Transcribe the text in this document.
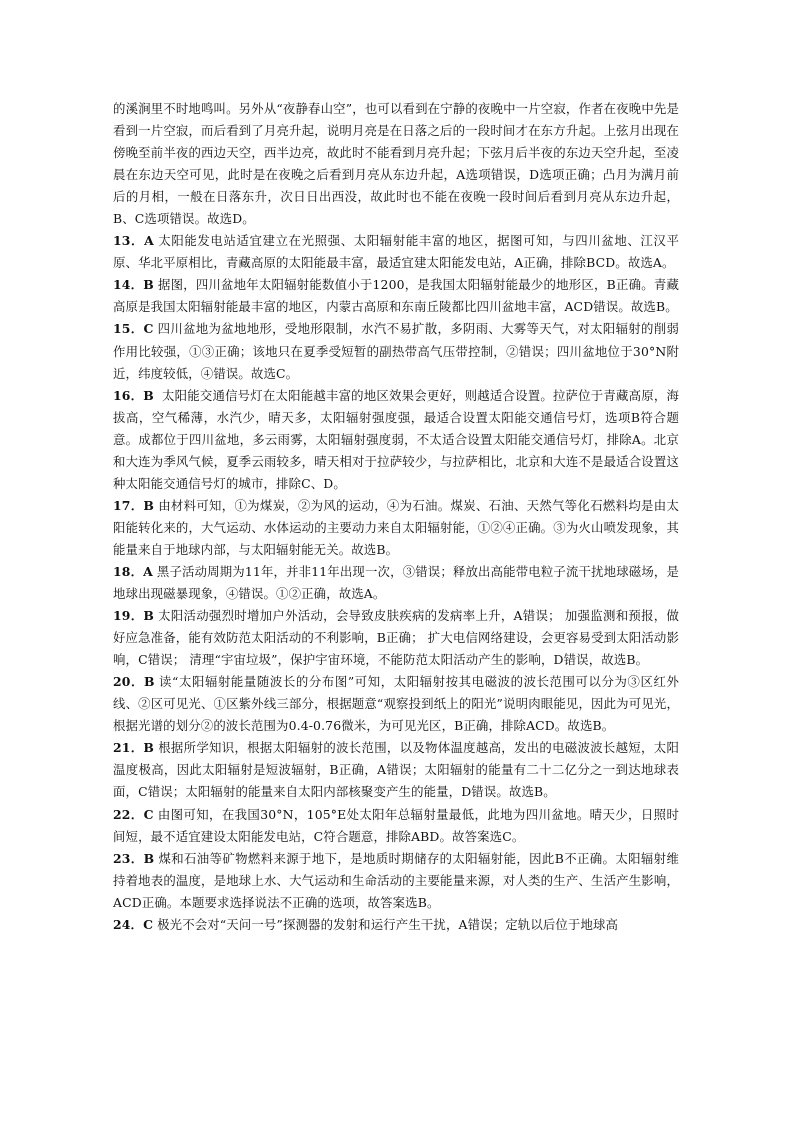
的溪涧里不时地鸣叫。另外从“夜静春山空”，也可以看到在宁静的夜晚中一片空寂，作者在夜晚中先是看到一片空寂，而后看到了月亮升起，说明月亮是在日落之后的一段时间才在东方升起。上弦月出现在傍晚至前半夜的西边天空，西半边亮，故此时不能看到月亮升起；下弦月后半夜的东边天空升起，至凌晨在东边天空可见，此时是在夜晚之后看到月亮从东边升起，A选项错误，D选项正确；凸月为满月前后的月相，一般在日落东升，次日日出西没，故此时也不能在夜晚一段时间后看到月亮从东边升起， B、C选项错误。故选D。

13．A 太阳能发电站适宜建立在光照强、太阳辐射能丰富的地区，据图可知，与四川盆地、江汉平原、华北平原相比，青藏高原的太阳能最丰富，最适宜建太阳能发电站，A正确，排除BCD。故选A。

14．B 据图，四川盆地年太阳辐射能数值小于1200，是我国太阳辐射能最少的地形区，B正确。青藏高原是我国太阳辐射能最丰富的地区，内蒙古高原和东南丘陵都比四川盆地丰富，ACD错误。故选B。

15．C 四川盆地为盆地地形，受地形限制，水汽不易扩散，多阴雨、大雾等天气，对太阳辐射的削弱作用比较强，①③正确；该地只在夏季受短暂的副热带高气压带控制，②错误；四川盆地位于30°N附近，纬度较低，④错误。故选C。

16．B 太阳能交通信号灯在太阳能越丰富的地区效果会更好，则越适合设置。拉萨位于青藏高原，海拔高，空气稀薄，水汽少，晴天多，太阳辐射强度强，最适合设置太阳能交通信号灯，选项B符合题意。成都位于四川盆地，多云雨雾，太阳辐射强度弱，不太适合设置太阳能交通信号灯，排除A。北京和大连为季风气候，夏季云雨较多，晴天相对于拉萨较少，与拉萨相比，北京和大连不是最适合设置这种太阳能交通信号灯的城市，排除C、D。

17．B 由材料可知，①为煤炭，②为风的运动，④为石油。煤炭、石油、天然气等化石燃料均是由太阳能转化来的，大气运动、水体运动的主要动力来自太阳辐射能，①②④正确。③为火山喷发现象，其能量来自于地球内部，与太阳辐射能无关。故选B。

18．A 黑子活动周期为11年，并非11年出现一次，③错误；释放出高能带电粒子流干扰地球磁场，是地球出现磁暴现象，④错误。①②正确，故选A。

19．B 太阳活动强烈时增加户外活动，会导致皮肤疾病的发病率上升，A错误； 加强监测和预报，做好应急准备，能有效防范太阳活动的不利影响，B正确； 扩大电信网络建设，会更容易受到太阳活动影响，C错误； 清理“宇宙垃圾”，保护宇宙环境，不能防范太阳活动产生的影响，D错误，故选B。

20．B 读“太阳辐射能量随波长的分布图”可知，太阳辐射按其电磁波的波长范围可以分为③区红外线、②区可见光、①区紫外线三部分，根据题意“观察投到纸上的阳光”说明肉眼能见，因此为可见光，根据光谱的划分②的波长范围为0.4-0.76微米，为可见光区，B正确，排除ACD。故选B。

21．B 根据所学知识，根据太阳辐射的波长范围，以及物体温度越高，发出的电磁波波长越短，太阳温度极高，因此太阳辐射是短波辐射，B正确，A错误；太阳辐射的能量有二十二亿分之一到达地球表面，C错误；太阳辐射的能量来自太阳内部核聚变产生的能量，D错误。故选B。

22．C 由图可知，在我国30°N，105°E处太阳年总辐射量最低，此地为四川盆地。晴天少，日照时间短，最不适宜建设太阳能发电站，C符合题意，排除ABD。故答案选C。

23．B 煤和石油等矿物燃料来源于地下，是地质时期储存的太阳辐射能，因此B不正确。太阳辐射维持着地表的温度，是地球上水、大气运动和生命活动的主要能量来源，对人类的生产、生活产生影响，ACD正确。本题要求选择说法不正确的选项，故答案选B。

24．C 极光不会对“天问一号”探测器的发射和运行产生干扰，A错误；定轨以后位于地球高
